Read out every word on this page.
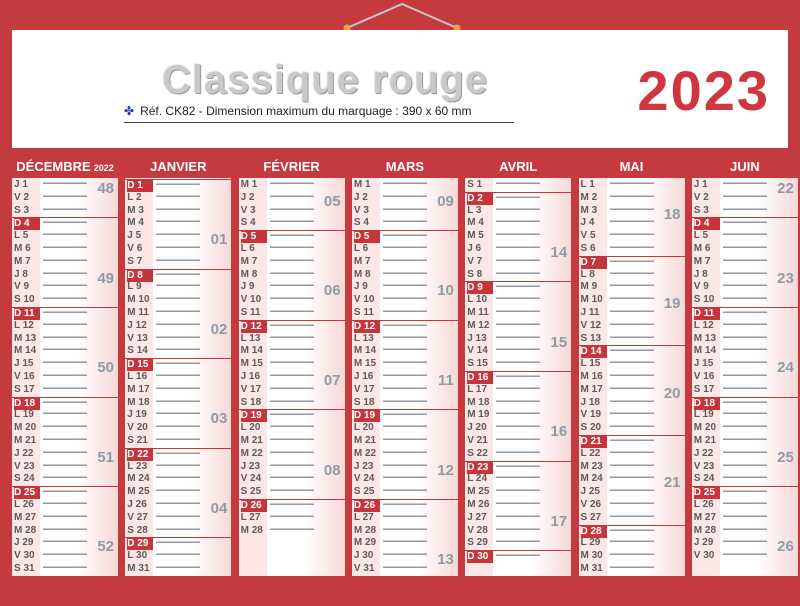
Classique rouge
✤ Réf. CK82 - Dimension maximum du marquage : 390 x 60 mm	2023
DÉCEMBRE 2022
J 1
V 2
S 3
D 4
L 5
M 6
M 7
J 8
V 9
S 10
D 11
L 12
M 13
M 14
J 15
V 16
S 17
D 18
L 19
M 20
M 21
J 22
V 23
S 24
D 25
L 26
M 27
M 28
J 29
V 30
S 31
48
49
50
51
52
JANVIER
D 1
L 2
M 3
M 4
J 5
V 6
S 7
D 8
L 9
M 10
M 11
J 12
V 13
S 14
D 15
L 16
M 17
M 18
J 19
V 20
S 21
D 22
L 23
M 24
M 25
J 26
V 27
S 28
D 29
L 30
M 31
01
02
03
04
FÉVRIER
M 1
J 2
V 3
S 4
D 5
L 6
M 7
M 8
J 9
V 10
S 11
D 12
L 13
M 14
M 15
J 16
V 17
S 18
D 19
L 20
M 21
M 22
J 23
V 24
S 25
D 26
L 27
M 28
05
06
07
08
MARS
M 1
J 2
V 3
S 4
D 5
L 6
M 7
M 8
J 9
V 10
S 11
D 12
L 13
M 14
M 15
J 16
V 17
S 18
D 19
L 20
M 21
M 22
J 23
V 24
S 25
D 26
L 27
M 28
M 29
J 30
V 31
09
10
11
12
13
AVRIL
S 1
D 2
L 3
M 4
M 5
J 6
V 7
S 8
D 9
L 10
M 11
M 12
J 13
V 14
S 15
D 16
L 17
M 18
M 19
J 20
V 21
S 22
D 23
L 24
M 25
M 26
J 27
V 28
S 29
D 30
14
15
16
17
MAI
L 1
M 2
M 3
J 4
V 5
S 6
D 7
L 8
M 9
M 10
J 11
V 12
S 13
D 14
L 15
M 16
M 17
J 18
V 19
S 20
D 21
L 22
M 23
M 24
J 25
V 26
S 27
D 28
L 29
M 30
M 31
18
19
20
21
JUIN
J 1
V 2
S 3
D 4
L 5
M 6
M 7
J 8
V 9
S 10
D 11
L 12
M 13
M 14
J 15
V 16
S 17
D 18
L 19
M 20
M 21
J 22
V 23
S 24
D 25
L 26
M 27
M 28
J 29
V 30
22
23
24
25
26
